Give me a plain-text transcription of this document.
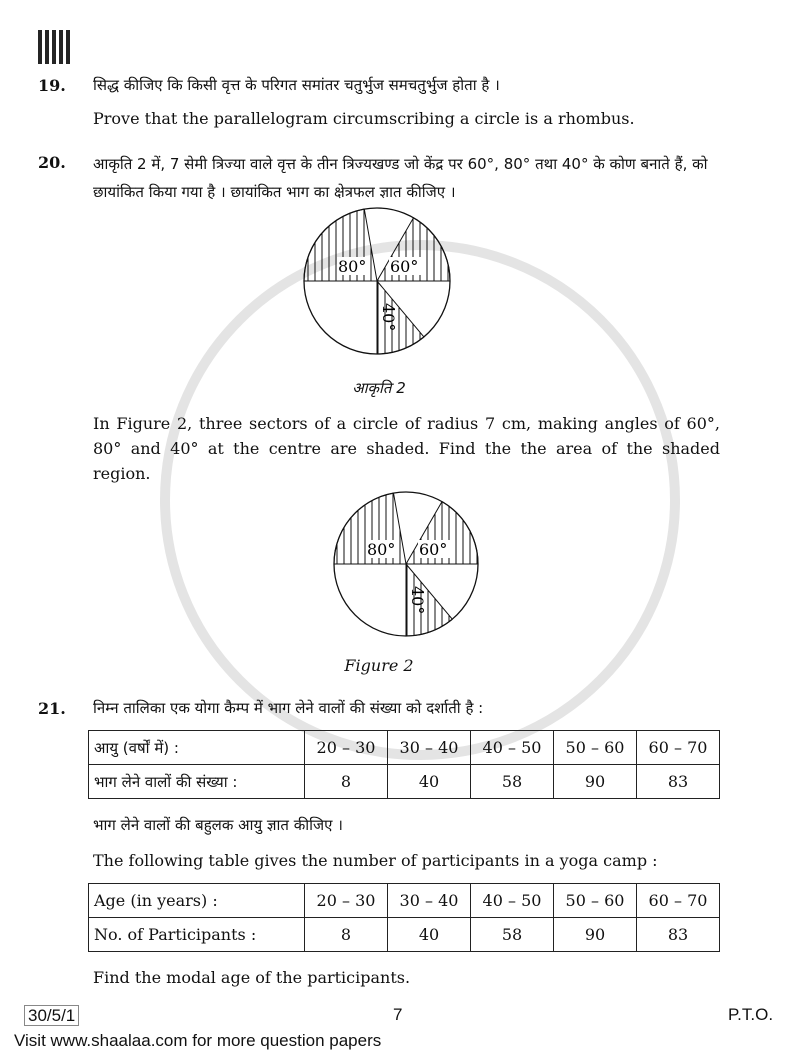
19.	सिद्ध कीजिए कि किसी वृत्त के परिगत समांतर चतुर्भुज समचतुर्भुज होता है ।

Prove that the parallelogram circumscribing a circle is a rhombus.

20.	आकृति 2 में, 7 सेमी त्रिज्या वाले वृत्त के तीन त्रिज्यखण्ड जो केंद्र पर 60°, 80° तथा 40° के कोण बनाते हैं, को छायांकित किया गया है । छायांकित भाग का क्षेत्रफल ज्ञात कीजिए ।

80° 60°
40°
आकृति 2

In Figure 2, three sectors of a circle of radius 7 cm, making angles of 60°, 80° and 40° at the centre are shaded. Find the the area of the shaded region.

80° 60°
40°
Figure 2
21.	निम्न तालिका एक योगा कैम्प में भाग लेने वालों की संख्या को दर्शाती है :

आयु (वर्षों में) :	20 – 30	30 – 40	40 – 50	50 – 60	60 – 70
भाग लेने वालों की संख्या :	8	40	58	90	83

भाग लेने वालों की बहुलक आयु ज्ञात कीजिए ।

The following table gives the number of participants in a yoga camp :

Age (in years) :	20 – 30	30 – 40	40 – 50	50 – 60	60 – 70
No. of Participants :	8	40	58	90	83

Find the modal age of the participants.

30/5/1	7	P.T.O.
Visit www.shaalaa.com for more question papers
